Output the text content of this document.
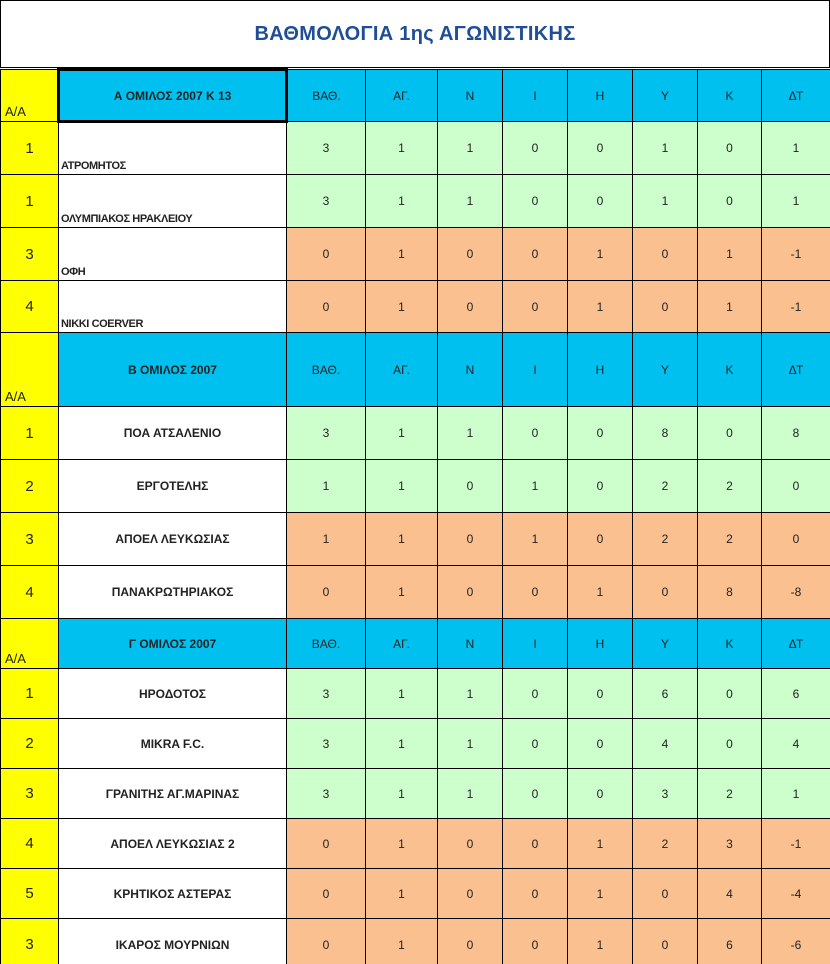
ΒΑΘΜΟΛΟΓΙΑ 1ης ΑΓΩΝΙΣΤΙΚΗΣ
Α/Α	Α ΟΜΙΛΟΣ 2007 Κ 13	ΒΑΘ.	ΑΓ.	Ν	Ι	Η	Υ	Κ	ΔΤ
1	ΑΤΡΟΜΗΤΟΣ	3	1	1	0	0	1	0	1
1	ΟΛΥΜΠΙΑΚΟΣ ΗΡΑΚΛΕΙΟΥ	3	1	1	0	0	1	0	1
3	ΟΦΗ	0	1	0	0	1	0	1	-1
4	NIKKI COERVER	0	1	0	0	1	0	1	-1
Α/Α	Β ΟΜΙΛΟΣ 2007	ΒΑΘ.	ΑΓ.	Ν	Ι	Η	Υ	Κ	ΔΤ
1	ΠΟΑ ΑΤΣΑΛΕΝΙΟ	3	1	1	0	0	8	0	8
2	ΕΡΓΟΤΕΛΗΣ	1	1	0	1	0	2	2	0
3	ΑΠΟΕΛ ΛΕΥΚΩΣΙΑΣ	1	1	0	1	0	2	2	0
4	ΠΑΝΑΚΡΩΤΗΡΙΑΚΟΣ	0	1	0	0	1	0	8	-8
Α/Α	Γ ΟΜΙΛΟΣ 2007	ΒΑΘ.	ΑΓ.	Ν	Ι	Η	Υ	Κ	ΔΤ
1	ΗΡΟΔΟΤΟΣ	3	1	1	0	0	6	0	6
2	MIKRA F.C.	3	1	1	0	0	4	0	4
3	ΓΡΑΝΙΤΗΣ ΑΓ.ΜΑΡΙΝΑΣ	3	1	1	0	0	3	2	1
4	ΑΠΟΕΛ ΛΕΥΚΩΣΙΑΣ 2	0	1	0	0	1	2	3	-1
5	ΚΡΗΤΙΚΟΣ ΑΣΤΕΡΑΣ	0	1	0	0	1	0	4	-4
3	ΙΚΑΡΟΣ ΜΟΥΡΝΙΩΝ	0	1	0	0	1	0	6	-6
